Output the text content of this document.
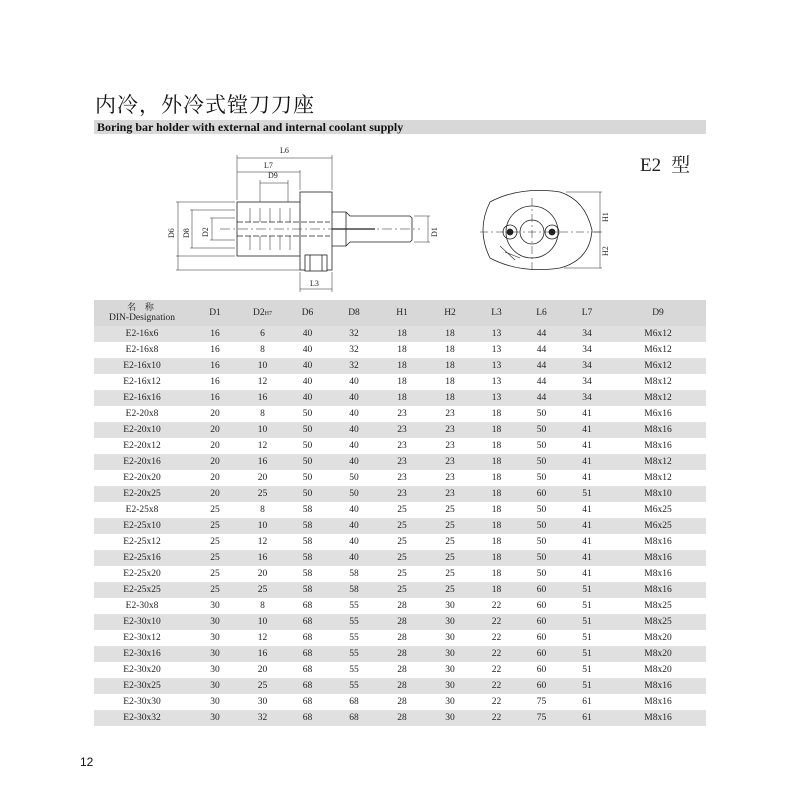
内冷，外冷式镗刀刀座
Boring bar holder with external and internal coolant supply
E2 型
L6
L7
D9
D6 D8 D2	D1
L3
H1
H2
名 称
DIN-Designation	D1	D2H7	D6	D8	H1	H2	L3	L6	L7	D9
E2-16x6	16	6	40	32	18	18	13	44	34	M6x12
E2-16x8	16	8	40	32	18	18	13	44	34	M6x12
E2-16x10	16	10	40	32	18	18	13	44	34	M6x12
E2-16x12	16	12	40	40	18	18	13	44	34	M8x12
E2-16x16	16	16	40	40	18	18	13	44	34	M8x12
E2-20x8	20	8	50	40	23	23	18	50	41	M6x16
E2-20x10	20	10	50	40	23	23	18	50	41	M8x16
E2-20x12	20	12	50	40	23	23	18	50	41	M8x16
E2-20x16	20	16	50	40	23	23	18	50	41	M8x12
E2-20x20	20	20	50	50	23	23	18	50	41	M8x12
E2-20x25	20	25	50	50	23	23	18	60	51	M8x10
E2-25x8	25	8	58	40	25	25	18	50	41	M6x25
E2-25x10	25	10	58	40	25	25	18	50	41	M6x25
E2-25x12	25	12	58	40	25	25	18	50	41	M8x16
E2-25x16	25	16	58	40	25	25	18	50	41	M8x16
E2-25x20	25	20	58	58	25	25	18	50	41	M8x16
E2-25x25	25	25	58	58	25	25	18	60	51	M8x16
E2-30x8	30	8	68	55	28	30	22	60	51	M8x25
E2-30x10	30	10	68	55	28	30	22	60	51	M8x25
E2-30x12	30	12	68	55	28	30	22	60	51	M8x20
E2-30x16	30	16	68	55	28	30	22	60	51	M8x20
E2-30x20	30	20	68	55	28	30	22	60	51	M8x20
E2-30x25	30	25	68	55	28	30	22	60	51	M8x16
E2-30x30	30	30	68	68	28	30	22	75	61	M8x16
E2-30x32	30	32	68	68	28	30	22	75	61	M8x16
12
